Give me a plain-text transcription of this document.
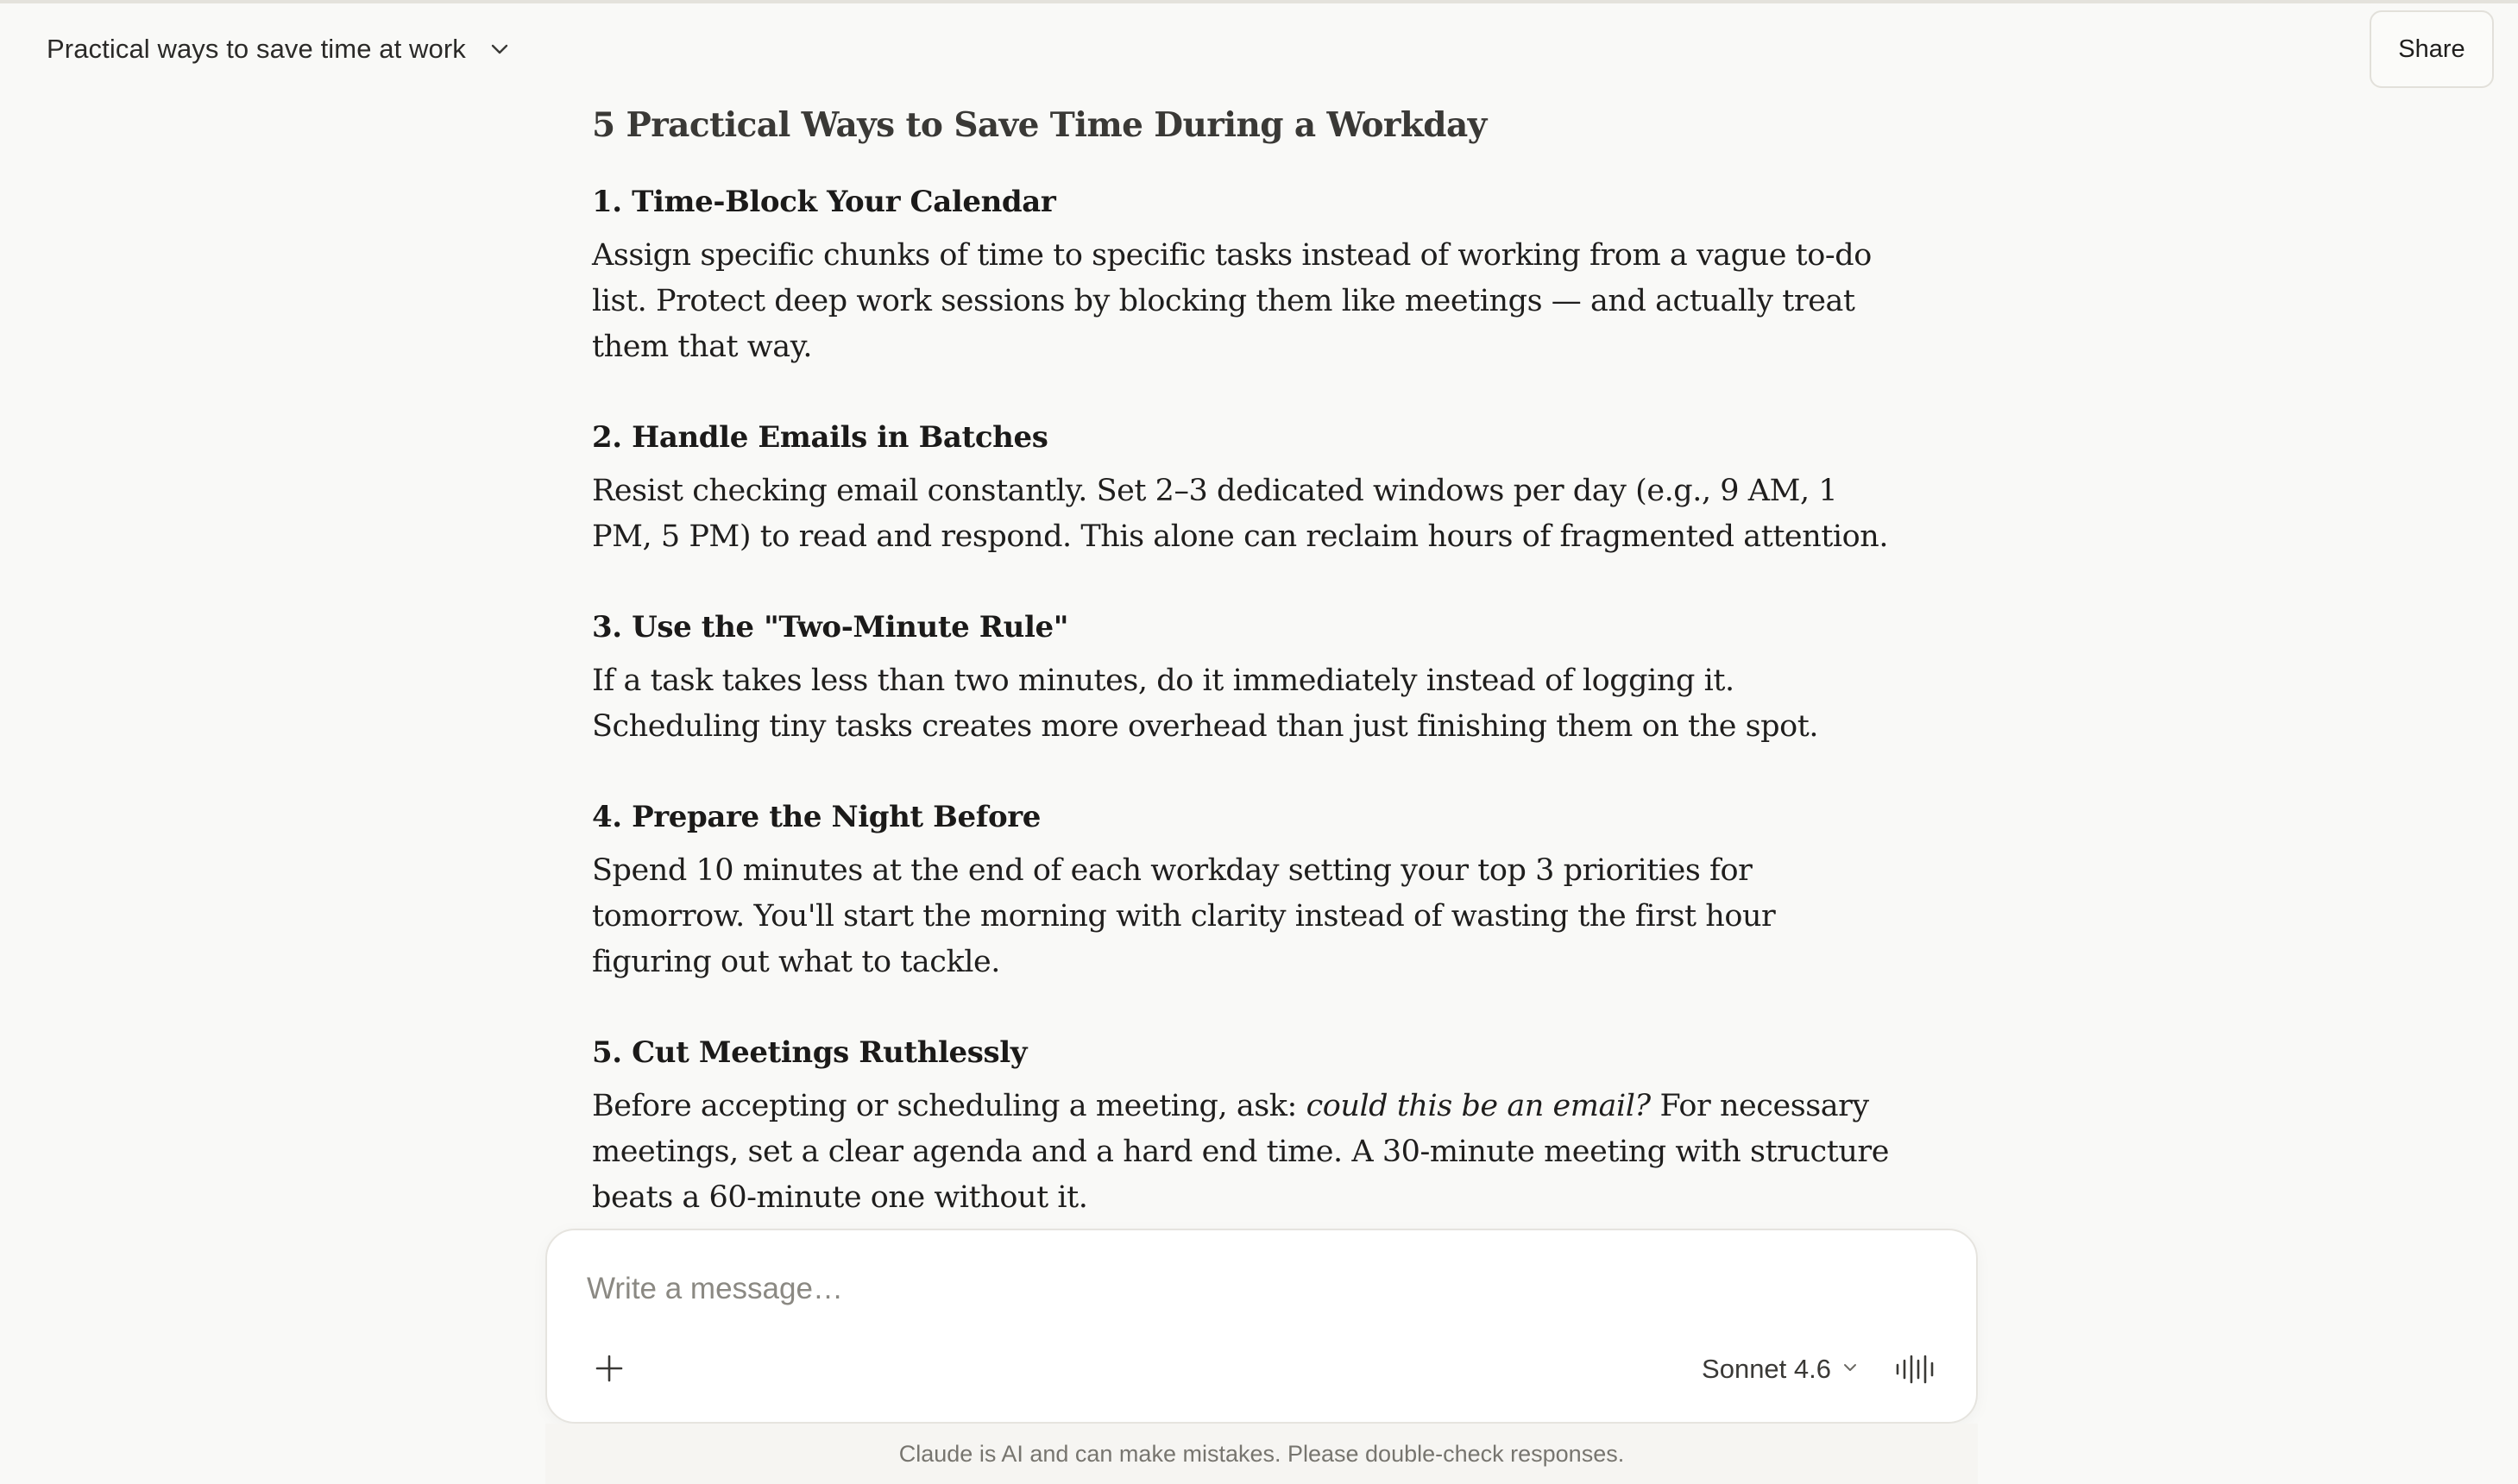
Practical ways to save time at work	Share
5 Practical Ways to Save Time During a Workday
1. Time-Block Your Calendar
Assign specific chunks of time to specific tasks instead of working from a vague to-do list. Protect deep work sessions by blocking them like meetings — and actually treat them that way.
2. Handle Emails in Batches
Resist checking email constantly. Set 2–3 dedicated windows per day (e.g., 9 AM, 1 PM, 5 PM) to read and respond. This alone can reclaim hours of fragmented attention.
3. Use the "Two-Minute Rule"
If a task takes less than two minutes, do it immediately instead of logging it. Scheduling tiny tasks creates more overhead than just finishing them on the spot.
4. Prepare the Night Before
Spend 10 minutes at the end of each workday setting your top 3 priorities for tomorrow. You'll start the morning with clarity instead of wasting the first hour figuring out what to tackle.
5. Cut Meetings Ruthlessly
Before accepting or scheduling a meeting, ask: could this be an email? For necessary meetings, set a clear agenda and a hard end time. A 30-minute meeting with structure beats a 60-minute one without it.
Write a message…
Sonnet 4.6
Claude is AI and can make mistakes. Please double-check responses.
